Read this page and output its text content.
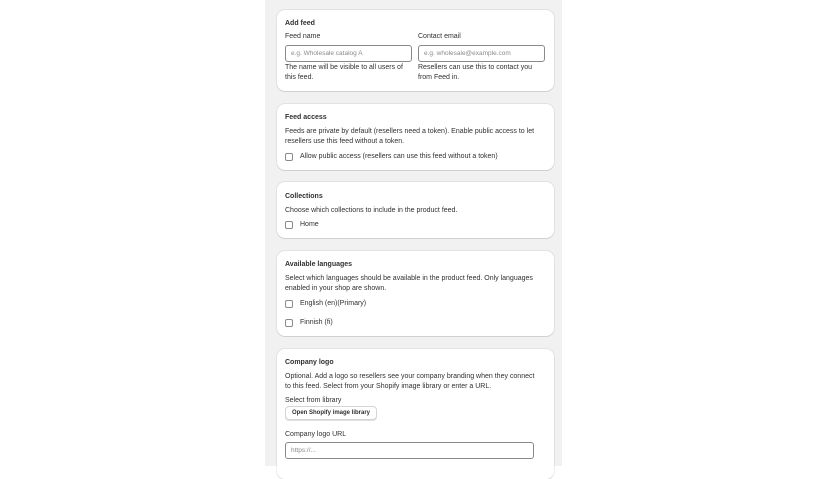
Add feed
Feed name
e.g. Wholesale catalog A
The name will be visible to all users of
this feed.
Contact email
e.g. wholesale@example.com
Resellers can use this to contact you
from Feed in.
Feed access
Feeds are private by default (resellers need a token). Enable public access to let
resellers use this feed without a token.
Allow public access (resellers can use this feed without a token)
Collections
Choose which collections to include in the product feed.
Home
Available languages
Select which languages should be available in the product feed. Only languages
enabled in your shop are shown.
English (en)(Primary)
Finnish (fi)
Company logo
Optional. Add a logo so resellers see your company branding when they connect
to this feed. Select from your Shopify image library or enter a URL.
Select from library
Open Shopify image library
Company logo URL
https://...
